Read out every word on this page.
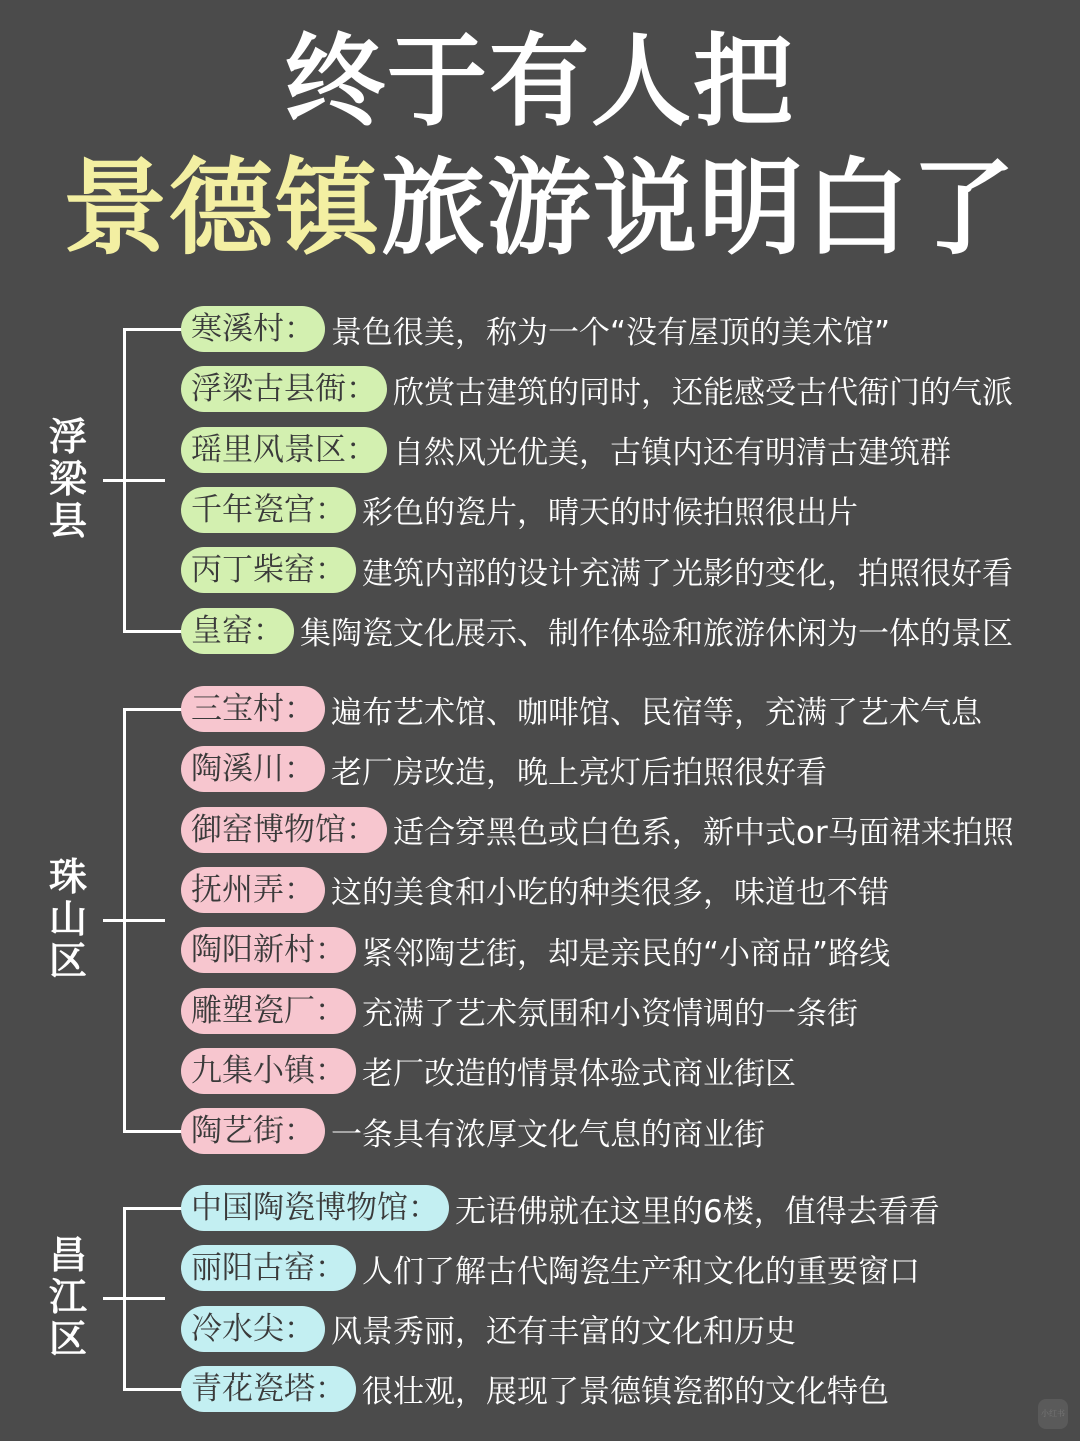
终于有人把
景德镇旅游说明白了
浮梁县
寒溪村： 景色很美，称为一个“没有屋顶的美术馆”
浮梁古县衙： 欣赏古建筑的同时，还能感受古代衙门的气派
瑶里风景区： 自然风光优美，古镇内还有明清古建筑群
千年瓷宫： 彩色的瓷片，晴天的时候拍照很出片
丙丁柴窑： 建筑内部的设计充满了光影的变化，拍照很好看
皇窑： 集陶瓷文化展示、制作体验和旅游休闲为一体的景区
珠山区
三宝村： 遍布艺术馆、咖啡馆、民宿等，充满了艺术气息
陶溪川： 老厂房改造，晚上亮灯后拍照很好看
御窑博物馆： 适合穿黑色或白色系，新中式or马面裙来拍照
抚州弄： 这的美食和小吃的种类很多，味道也不错
陶阳新村： 紧邻陶艺街，却是亲民的“小商品”路线
雕塑瓷厂： 充满了艺术氛围和小资情调的一条街
九集小镇： 老厂改造的情景体验式商业街区
陶艺街： 一条具有浓厚文化气息的商业街
昌江区
中国陶瓷博物馆： 无语佛就在这里的6楼，值得去看看
丽阳古窑： 人们了解古代陶瓷生产和文化的重要窗口
冷水尖： 风景秀丽，还有丰富的文化和历史
青花瓷塔： 很壮观，展现了景德镇瓷都的文化特色
小红书
